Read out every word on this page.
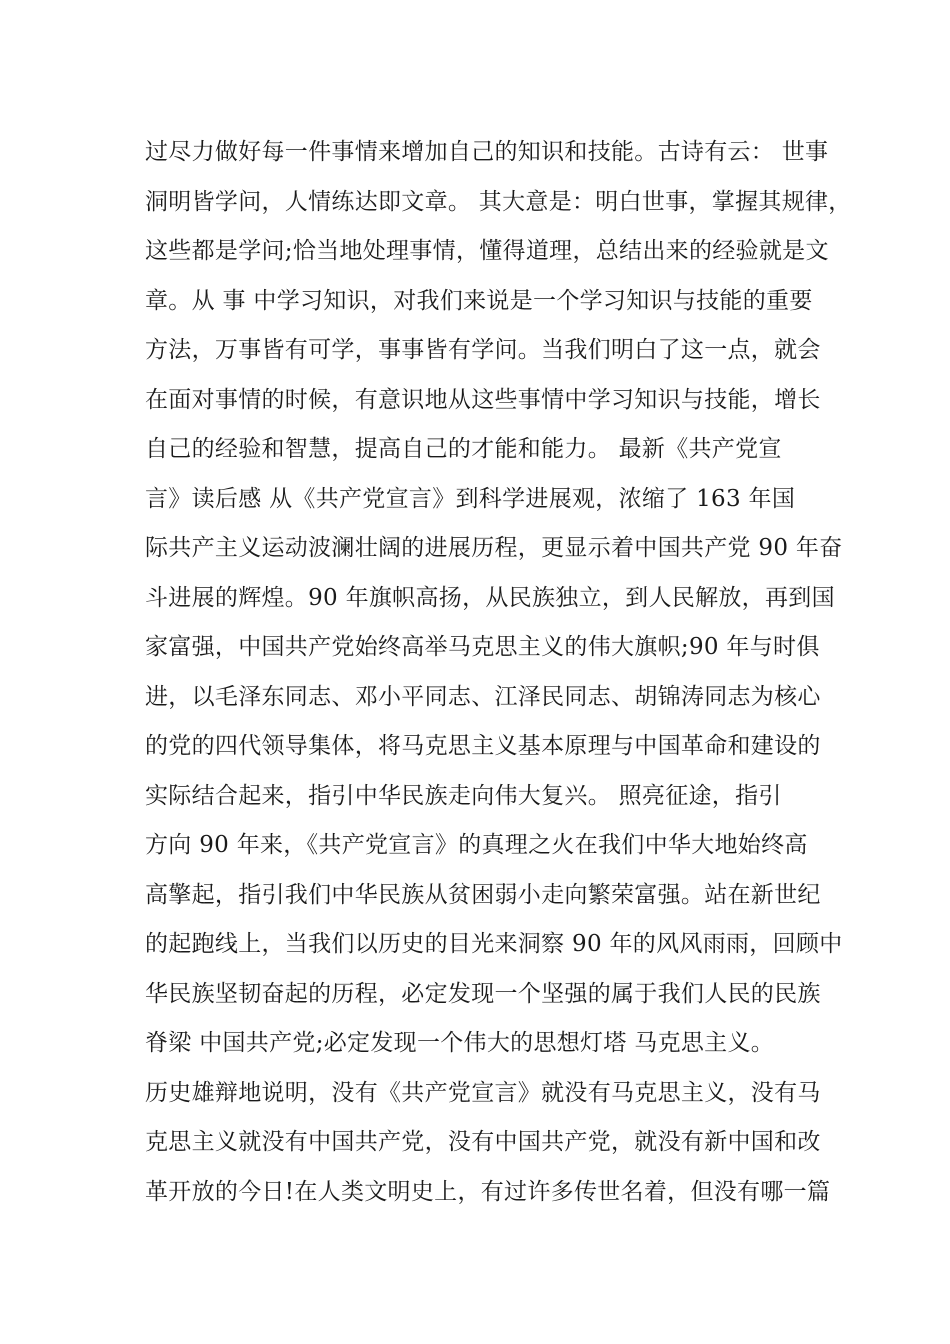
过尽力做好每一件事情来增加自己的知识和技能。古诗有云： 世事
洞明皆学问，人情练达即文章。 其大意是：明白世事，掌握其规律，
这些都是学问;恰当地处理事情，懂得道理，总结出来的经验就是文
章。从 事 中学习知识，对我们来说是一个学习知识与技能的重要
方法，万事皆有可学，事事皆有学问。当我们明白了这一点，就会
在面对事情的时候，有意识地从这些事情中学习知识与技能，增长
自己的经验和智慧，提高自己的才能和能力。 最新《共产党宣
言》读后感 从《共产党宣言》到科学进展观，浓缩了 163 年国
际共产主义运动波澜壮阔的进展历程，更显示着中国共产党 90 年奋
斗进展的辉煌。90 年旗帜高扬，从民族独立，到人民解放，再到国
家富强，中国共产党始终高举马克思主义的伟大旗帜;90 年与时俱
进，以毛泽东同志、邓小平同志、江泽民同志、胡锦涛同志为核心
的党的四代领导集体，将马克思主义基本原理与中国革命和建设的
实际结合起来，指引中华民族走向伟大复兴。 照亮征途，指引
方向 90 年来，《共产党宣言》的真理之火在我们中华大地始终高
高擎起，指引我们中华民族从贫困弱小走向繁荣富强。站在新世纪
的起跑线上，当我们以历史的目光来洞察 90 年的风风雨雨，回顾中
华民族坚韧奋起的历程，必定发现一个坚强的属于我们人民的民族
脊梁 中国共产党;必定发现一个伟大的思想灯塔 马克思主义。
历史雄辩地说明，没有《共产党宣言》就没有马克思主义，没有马
克思主义就没有中国共产党，没有中国共产党，就没有新中国和改
革开放的今日!在人类文明史上，有过许多传世名着，但没有哪一篇
